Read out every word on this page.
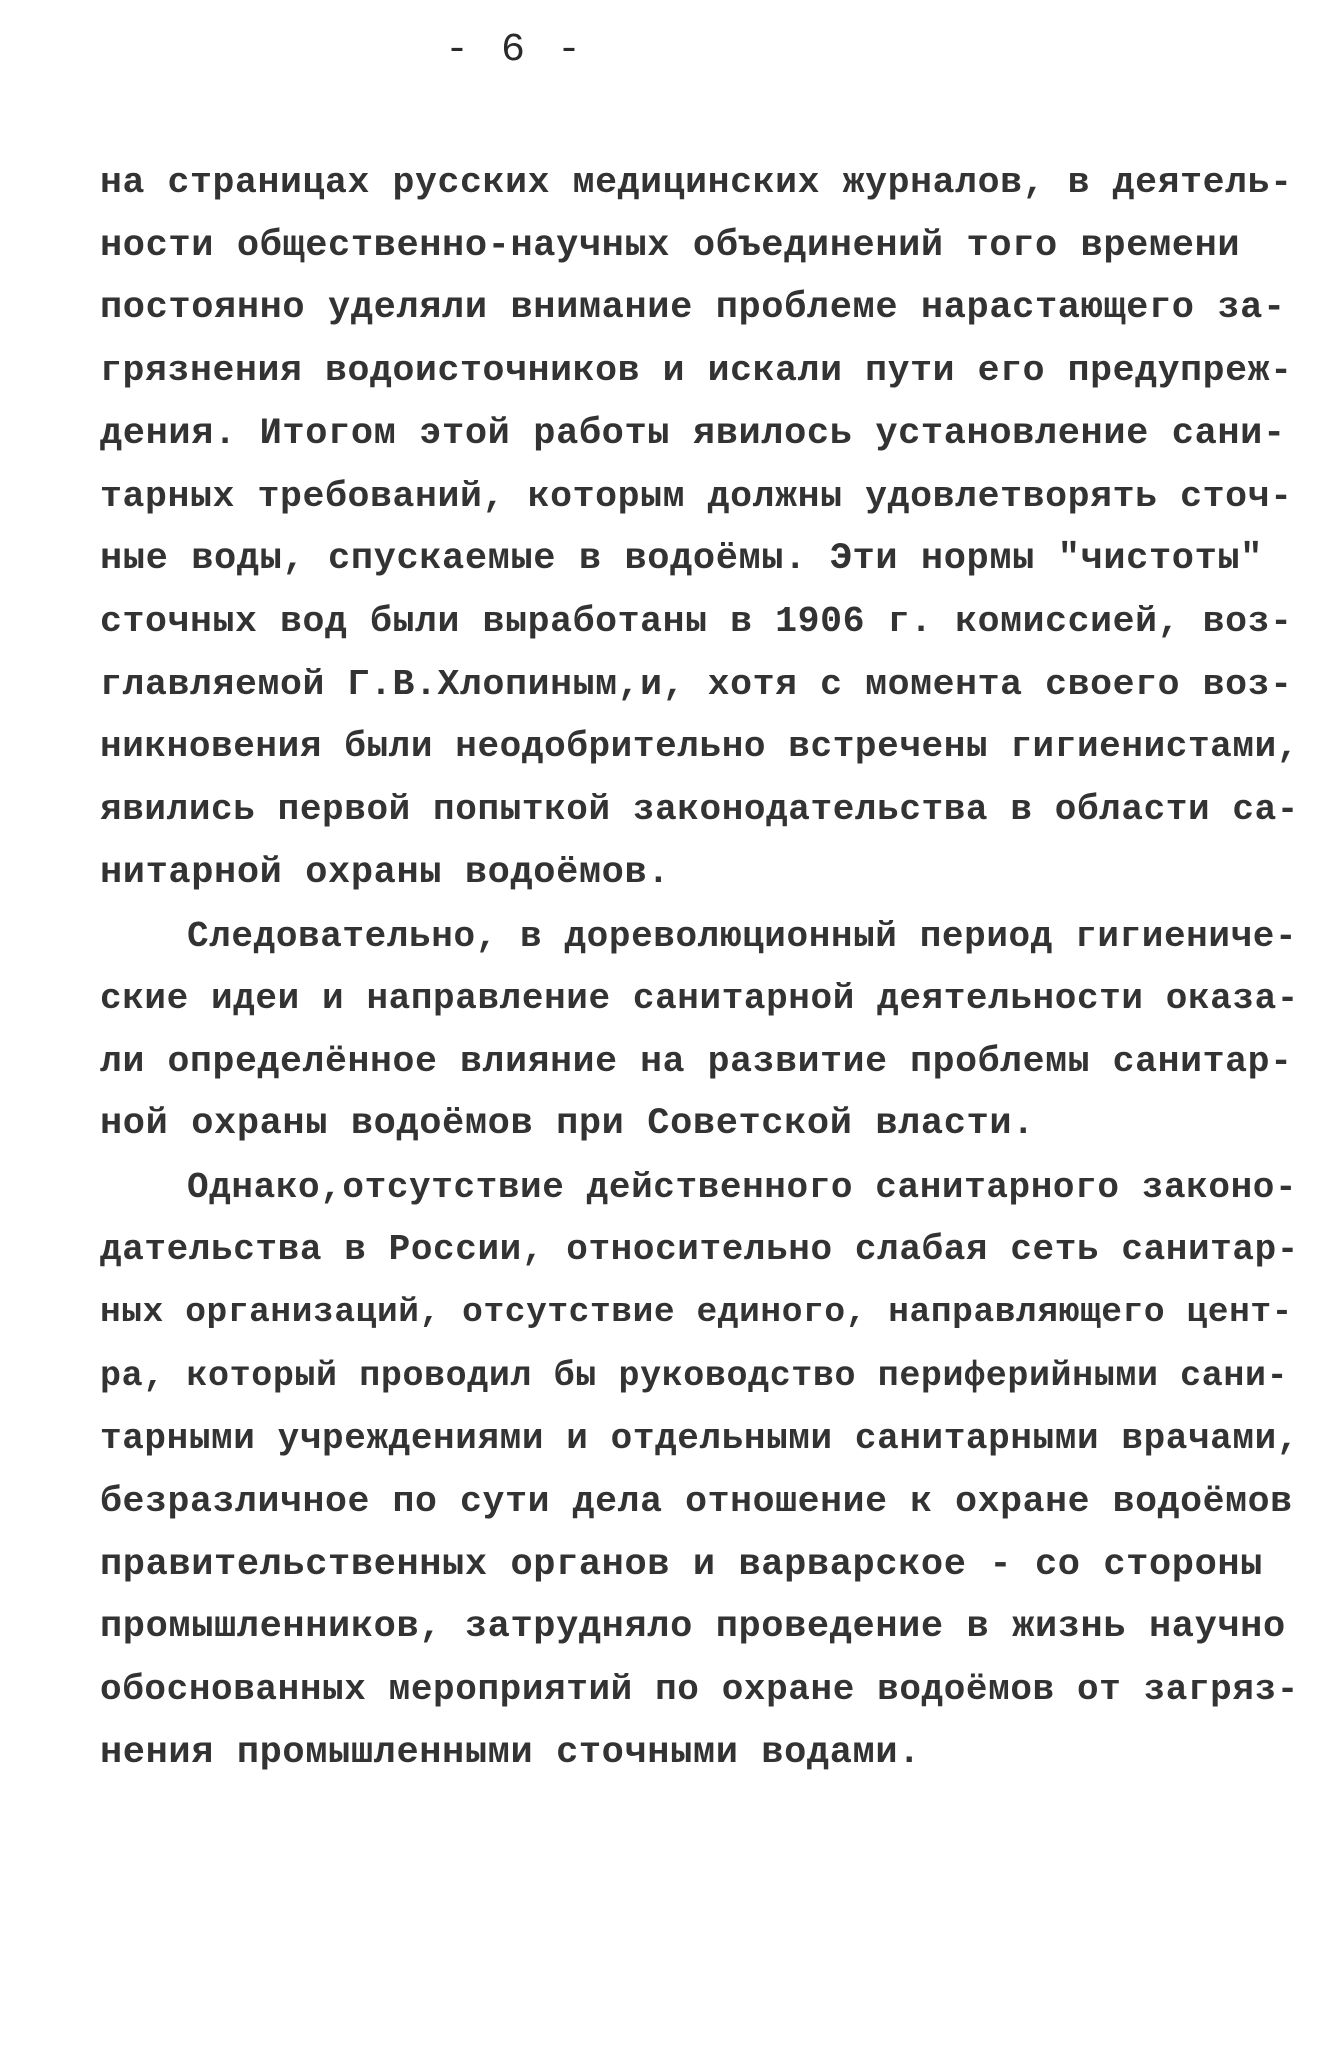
- 6 -
на страницах русских медицинских журналов, в деятель-
ности общественно-научных объединений того времени
постоянно уделяли внимание проблеме нарастающего за-
грязнения водоисточников и искали пути его предупреж-
дения. Итогом этой работы явилось установление сани-
тарных требований, которым должны удовлетворять сточ-
ные воды, спускаемые в водоёмы. Эти нормы "чистоты"
сточных вод были выработаны в 1906 г. комиссией, воз-
главляемой Г.В.Хлопиным,и, хотя с момента своего воз-
никновения были неодобрительно встречены гигиенистами,
явились первой попыткой законодательства в области са-
нитарной охраны водоёмов.
Следовательно, в дореволюционный период гигиениче-
ские идеи и направление санитарной деятельности оказа-
ли определённое влияние на развитие проблемы санитар-
ной охраны водоёмов при Советской власти.
Однако,отсутствие действенного санитарного законо-
дательства в России, относительно слабая сеть санитар-
ных организаций, отсутствие единого, направляющего цент-
ра, который проводил бы руководство периферийными сани-
тарными учреждениями и отдельными санитарными врачами,
безразличное по сути дела отношение к охране водоёмов
правительственных органов и варварское - со стороны
промышленников, затрудняло проведение в жизнь научно
обоснованных мероприятий по охране водоёмов от загряз-
нения промышленными сточными водами.
